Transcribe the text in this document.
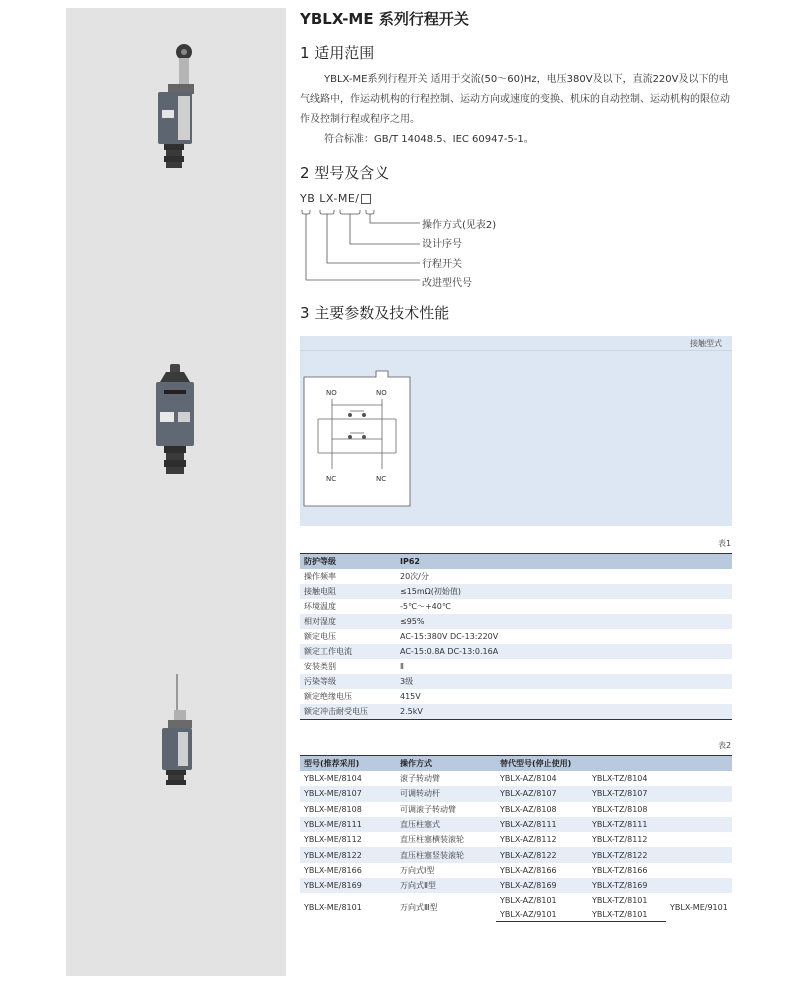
YBLX-ME 系列行程开关
1 适用范围
YBLX-ME系列行程开关 适用于交流(50～60)Hz，电压380V及以下，直流220V及以下的电气线路中，作运动机构的行程控制、运动方向或速度的变换、机床的自动控制、运动机构的限位动作及控制行程或程序之用。
符合标准：GB/T 14048.5、IEC 60947-5-1。
2 型号及含义
YB LX-ME/
操作方式(见表2)
设计序号
行程开关
改进型代号
3 主要参数及技术性能
接触型式
NO	NO
NC	NC
表1
防护等级	IP62
操作频率	20次/分
接触电阻	≤15mΩ(初始值)
环境温度	-5℃～+40℃
相对湿度	≤95%
额定电压	AC-15:380V DC-13:220V
额定工作电流	AC-15:0.8A DC-13:0.16A
安装类别	Ⅱ
污染等级	3级
额定绝缘电压	415V
额定冲击耐受电压	2.5kV
表2
型号(推荐采用)	操作方式	替代型号(停止使用)		
YBLX-ME/8104	滚子转动臂	YBLX-AZ/8104	YBLX-TZ/8104	
YBLX-ME/8107	可调转动杆	YBLX-AZ/8107	YBLX-TZ/8107	
YBLX-ME/8108	可调滚子转动臂	YBLX-AZ/8108	YBLX-TZ/8108	
YBLX-ME/8111	直压柱塞式	YBLX-AZ/8111	YBLX-TZ/8111	
YBLX-ME/8112	直压柱塞横装滚轮	YBLX-AZ/8112	YBLX-TZ/8112	
YBLX-ME/8122	直压柱塞竖装滚轮	YBLX-AZ/8122	YBLX-TZ/8122	
YBLX-ME/8166	万向式Ⅰ型	YBLX-AZ/8166	YBLX-TZ/8166	
YBLX-ME/8169	万向式Ⅱ型	YBLX-AZ/8169	YBLX-TZ/8169	
YBLX-ME/8101	万向式Ⅲ型	YBLX-AZ/8101	YBLX-TZ/8101	YBLX-ME/9101
		YBLX-AZ/9101	YBLX-TZ/8101	
